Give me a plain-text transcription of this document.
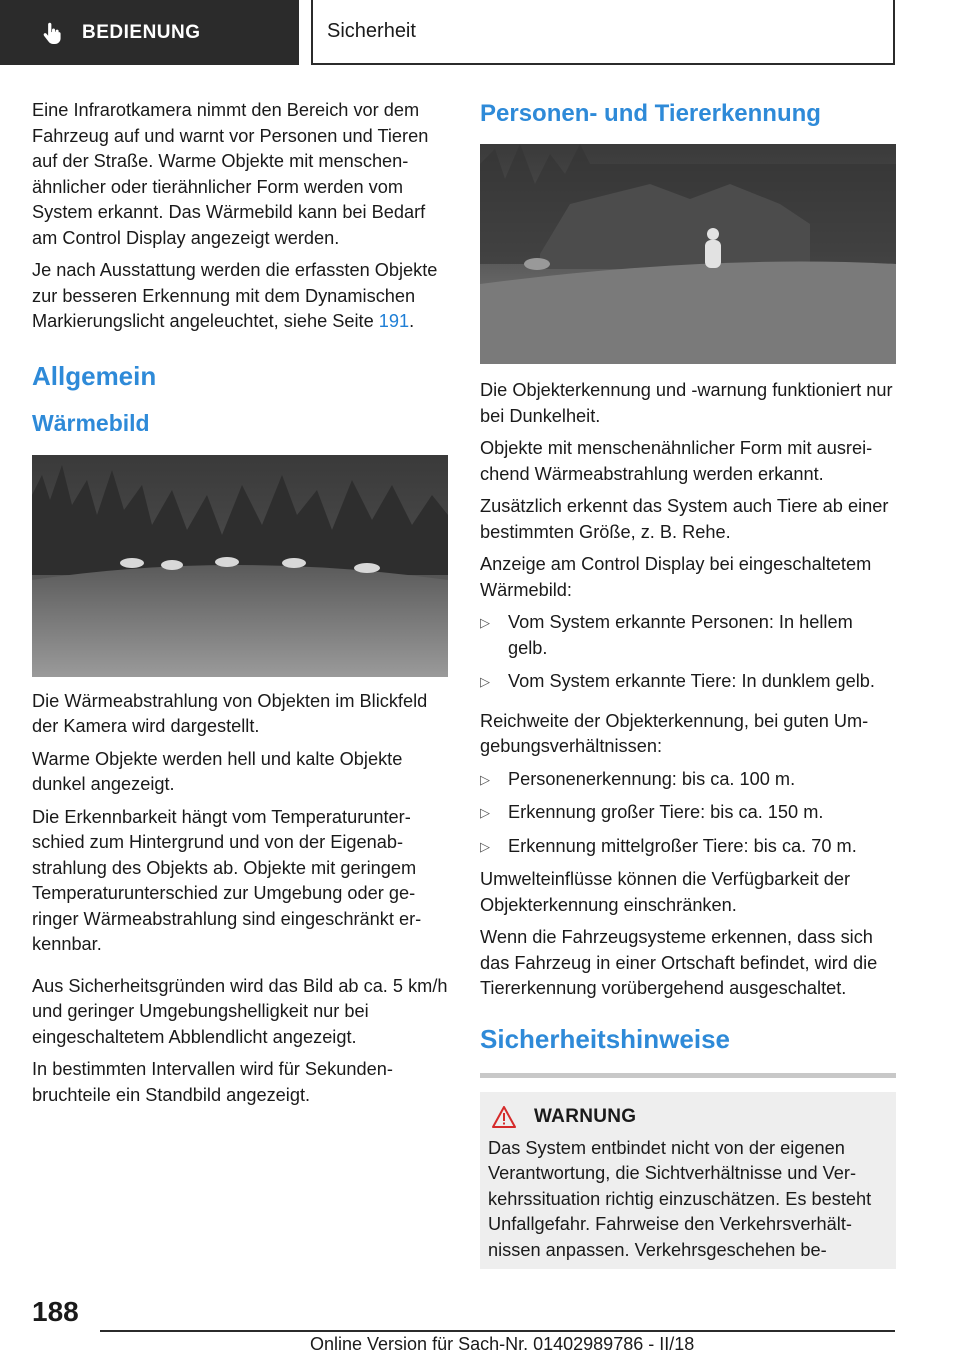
BEDIENUNG	Sicherheit

Eine Infrarotkamera nimmt den Bereich vor dem Fahrzeug auf und warnt vor Personen und Tieren auf der Straße. Warme Objekte mit menschenähnlicher oder tierähnlicher Form werden vom System erkannt. Das Wärmebild kann bei Bedarf am Control Display angezeigt werden.

Je nach Ausstattung werden die erfassten Objekte zur besseren Erkennung mit dem Dynamischen Markierungslicht angeleuchtet, siehe Seite 191.

Allgemein
Wärmebild

Die Wärmeabstrahlung von Objekten im Blickfeld der Kamera wird dargestellt.

Warme Objekte werden hell und kalte Objekte dunkel angezeigt.

Die Erkennbarkeit hängt vom Temperaturunterschied zum Hintergrund und von der Eigenabstrahlung des Objekts ab. Objekte mit geringem Temperaturunterschied zur Umgebung oder geringer Wärmeabstrahlung sind eingeschränkt erkennbar.

Aus Sicherheitsgründen wird das Bild ab ca. 5 km/h und geringer Umgebungshelligkeit nur bei eingeschaltetem Abblendlicht angezeigt.

In bestimmten Intervallen wird für Sekundenbruchteile ein Standbild angezeigt.

Personen- und Tiererkennung

Die Objekterkennung und -warnung funktioniert nur bei Dunkelheit.

Objekte mit menschenähnlicher Form mit ausreichend Wärmeabstrahlung werden erkannt.

Zusätzlich erkennt das System auch Tiere ab einer bestimmten Größe, z. B. Rehe.

Anzeige am Control Display bei eingeschaltetem Wärmebild:

▷ Vom System erkannte Personen: In hellem gelb.
▷ Vom System erkannte Tiere: In dunklem gelb.

Reichweite der Objekterkennung, bei guten Umgebungsverhältnissen:

▷ Personenerkennung: bis ca. 100 m.
▷ Erkennung großer Tiere: bis ca. 150 m.
▷ Erkennung mittelgroßer Tiere: bis ca. 70 m.

Umwelteinflüsse können die Verfügbarkeit der Objekterkennung einschränken.

Wenn die Fahrzeugsysteme erkennen, dass sich das Fahrzeug in einer Ortschaft befindet, wird die Tiererkennung vorübergehend ausgeschaltet.

Sicherheitshinweise
WARNUNG

Das System entbindet nicht von der eigenen Verantwortung, die Sichtverhältnisse und Verkehrssituation richtig einzuschätzen. Es besteht Unfallgefahr. Fahrweise den Verkehrsverhältnissen anpassen. Verkehrsgeschehen be-

188
Online Version für Sach-Nr. 01402989786 - II/18
